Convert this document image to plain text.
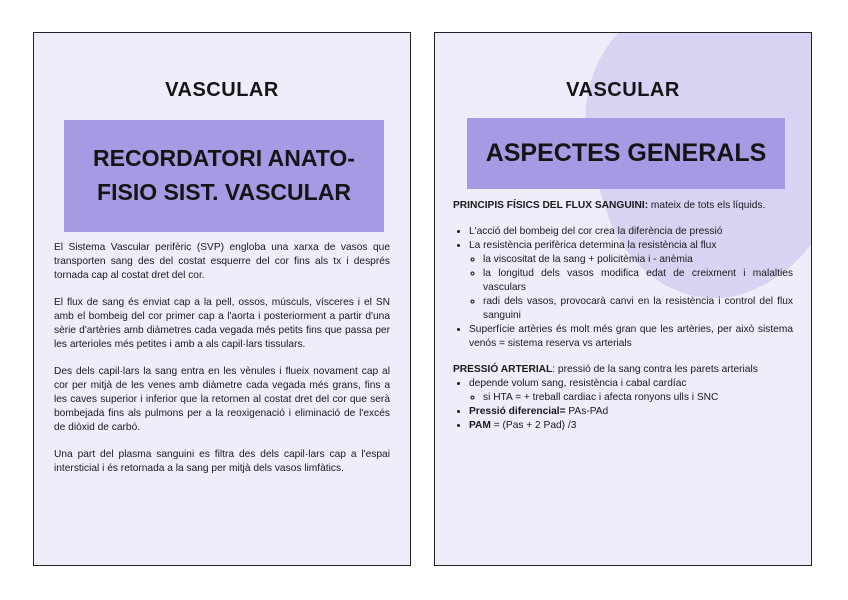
VASCULAR
RECORDATORI ANATO-
FISIO SIST. VASCULAR

El Sistema Vascular perifèric (SVP) engloba una xarxa de vasos que transporten sang des del costat esquerre del cor fins als tx i després tornada cap al costat dret del cor.

El flux de sang és enviat cap a la pell, ossos, músculs, vísceres i el SN amb el bombeig del cor primer cap a l'aorta i posteriorment a partir d'una sèrie d'artèries amb diàmetres cada vegada més petits fins que passa per les arterioles més petites i amb a als capil·lars tissulars.

Des dels capil·lars la sang entra en les vènules i flueix novament cap al cor per mitjà de les venes amb diàmetre cada vegada més grans, fins a les caves superior i inferior que la retornen al costat dret del cor que serà bombejada fins als pulmons per a la reoxigenació i eliminació de l'excés de diòxid de carbó.

Una part del plasma sanguini es filtra des dels capil·lars cap a l'espai intersticial i és retornada a la sang per mitjà dels vasos limfàtics.

VASCULAR
ASPECTES GENERALS

PRINCIPIS FÍSICS DEL FLUX SANGUINI: mateix de tots els líquids.

• L'acció del bombeig del cor crea la diferència de pressió
• La resistència perifèrica determina la resistència al flux
◦ la viscositat de la sang + policitèmia i - anèmia
◦ la longitud dels vasos modifica edat de creixment i malalties vasculars
◦ radi dels vasos, provocarà canvi en la resistència i control del flux sanguini
• Superfície artèries és molt més gran que les artèries, per això sistema venós = sistema reserva vs arterials

PRESSIÓ ARTERIAL: pressió de la sang contra les parets arterials

• depende volum sang, resistència i cabal cardíac
◦ si HTA = + treball cardiac i afecta ronyons ulls i SNC
• Pressió diferencial= PAs-PAd
• PAM = (Pas + 2 Pad) /3
